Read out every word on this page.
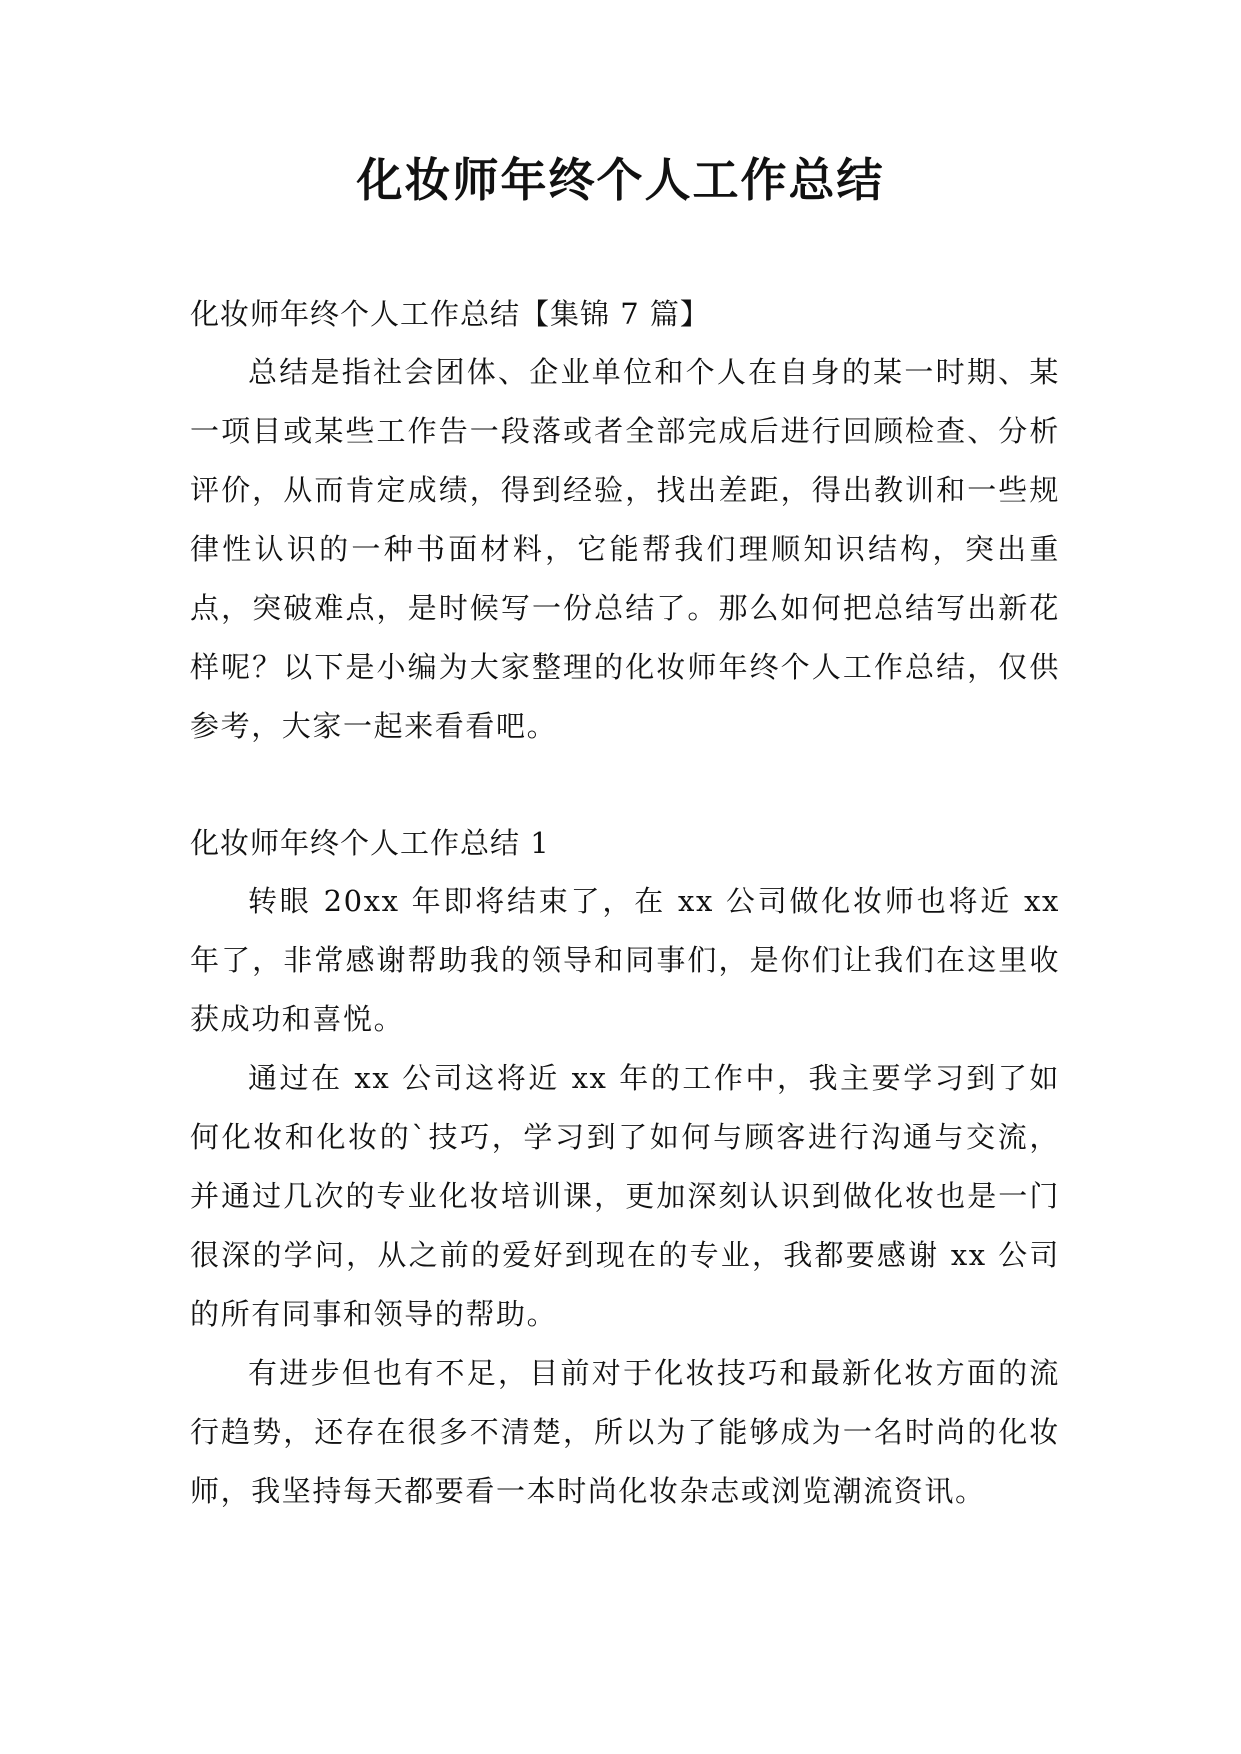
化妆师年终个人工作总结

化妆师年终个人工作总结【集锦 7 篇】

总结是指社会团体、企业单位和个人在自身的某一时期、某一项目或某些工作告一段落或者全部完成后进行回顾检查、分析评价，从而肯定成绩，得到经验，找出差距，得出教训和一些规律性认识的一种书面材料，它能帮我们理顺知识结构，突出重点，突破难点，是时候写一份总结了。那么如何把总结写出新花样呢？以下是小编为大家整理的化妆师年终个人工作总结，仅供参考，大家一起来看看吧。

化妆师年终个人工作总结 1

转眼 20xx 年即将结束了，在 xx 公司做化妆师也将近 xx 年了，非常感谢帮助我的领导和同事们，是你们让我们在这里收获成功和喜悦。

通过在 xx 公司这将近 xx 年的工作中，我主要学习到了如何化妆和化妆的`技巧，学习到了如何与顾客进行沟通与交流，并通过几次的专业化妆培训课，更加深刻认识到做化妆也是一门很深的学问，从之前的爱好到现在的专业，我都要感谢 xx 公司的所有同事和领导的帮助。

有进步但也有不足，目前对于化妆技巧和最新化妆方面的流行趋势，还存在很多不清楚，所以为了能够成为一名时尚的化妆师，我坚持每天都要看一本时尚化妆杂志或浏览潮流资讯。
